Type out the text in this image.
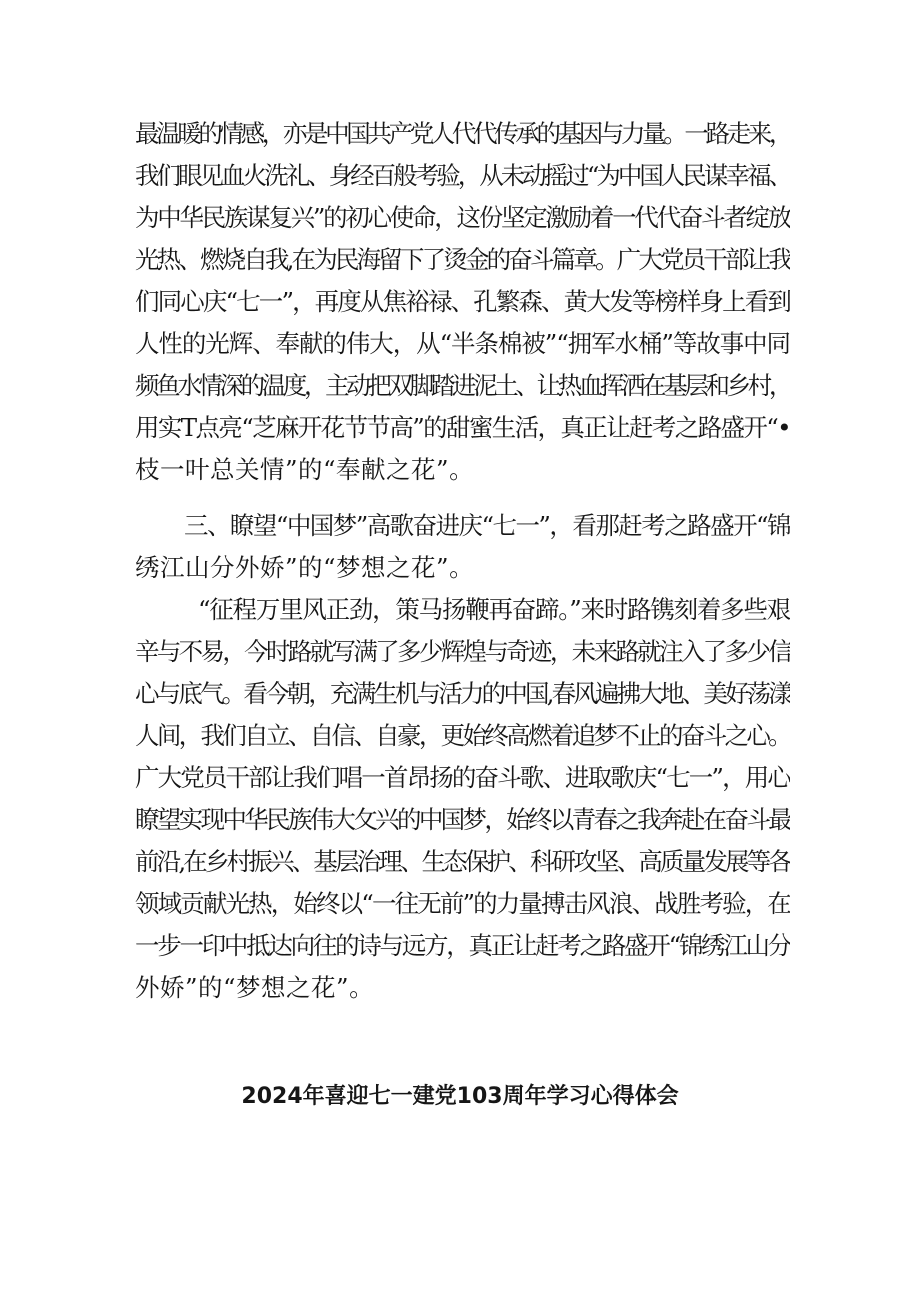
最温暖的情感，亦是中国共产党人代代传承的基因与力量。一路走来，
我们眼见血火洗礼、身经百般考验，从未动摇过“为中国人民谋幸福、
为中华民族谋复兴”的初心使命，这份坚定激励着一代代奋斗者绽放
光热、燃烧自我,在为民海留下了烫金的奋斗篇章。广大党员干部让我
们同心庆“七一”，再度从焦裕禄、孔繁森、黄大发等榜样身上看到
人性的光辉、奉献的伟大，从“半条棉被”“拥军水桶”等故事中同
频鱼水情深的温度，主动把双脚踏进泥土、让热血挥洒在基层和乡村，
用实T点亮“芝麻开花节节高”的甜蜜生活，真正让赶考之路盛开“•
枝一叶总关情”的“奉献之花”。
三、瞭望“中国梦”高歌奋进庆“七一”，看那赶考之路盛开“锦
绣江山分外娇”的“梦想之花”。
“征程万里风正劲，策马扬鞭再奋蹄。”来时路镌刻着多些艰
辛与不易，今时路就写满了多少辉煌与奇迹，未来路就注入了多少信
心与底气。看今朝，充满生机与活力的中国,春风遍拂大地、美好荡漾
人间，我们自立、自信、自豪，更始终高燃着追梦不止的奋斗之心。
广大党员干部让我们唱一首昂扬的奋斗歌、进取歌庆“七一”，用心
瞭望实现中华民族伟大攵兴的中国梦，始终以青春之我奔赴在奋斗最
前沿,在乡村振兴、基层治理、生态保护、科研攻坚、高质量发展等各
领域贡献光热，始终以“一往无前”的力量搏击风浪、战胜考验，在
一步一印中抵达向往的诗与远方，真正让赶考之路盛开“锦绣江山分
外娇”的“梦想之花”。
2024年喜迎七一建党103周年学习心得体会
